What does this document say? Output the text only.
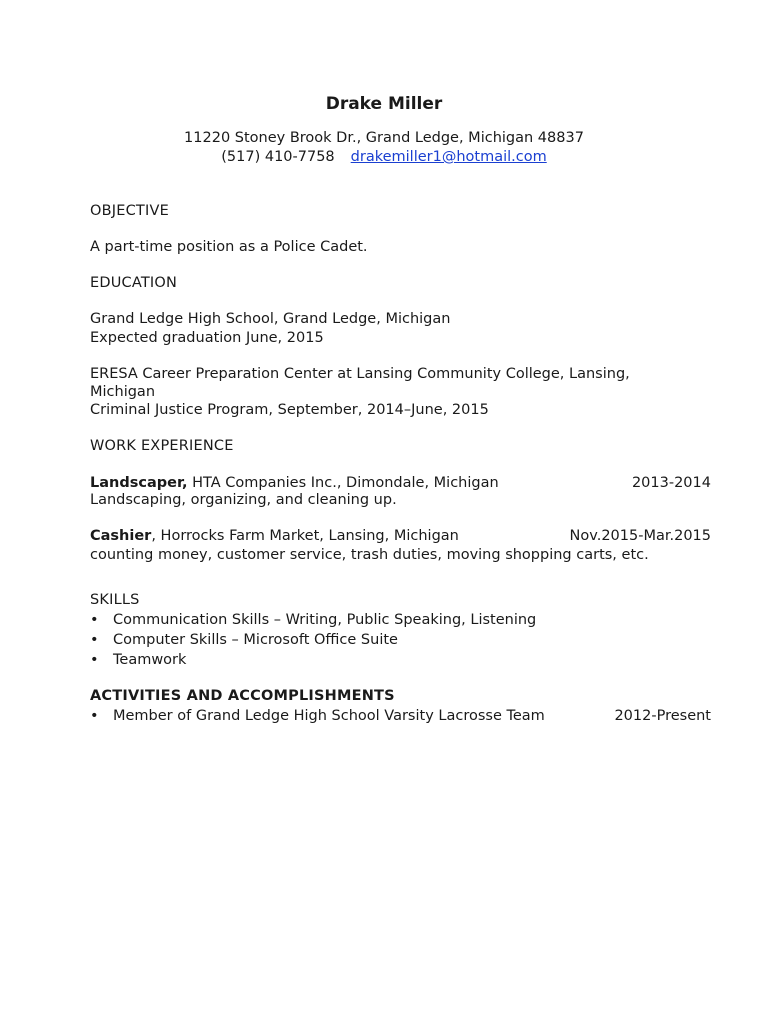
Drake Miller
11220 Stoney Brook Dr., Grand Ledge, Michigan 48837
(517) 410-7758 drakemiller1@hotmail.com
OBJECTIVE
A part-time position as a Police Cadet.
EDUCATION
Grand Ledge High School, Grand Ledge, Michigan
Expected graduation June, 2015
ERESA Career Preparation Center at Lansing Community College, Lansing,
Michigan
Criminal Justice Program, September, 2014–June, 2015
WORK EXPERIENCE
Landscaper, HTA Companies Inc., Dimondale, Michigan	2013-2014
Landscaping, organizing, and cleaning up.
Cashier, Horrocks Farm Market, Lansing, Michigan	Nov.2015-Mar.2015
counting money, customer service, trash duties, moving shopping carts, etc.
SKILLS
• Communication Skills – Writing, Public Speaking, Listening
• Computer Skills – Microsoft Office Suite
• Teamwork
ACTIVITIES AND ACCOMPLISHMENTS
• Member of Grand Ledge High School Varsity Lacrosse Team	2012-Present
